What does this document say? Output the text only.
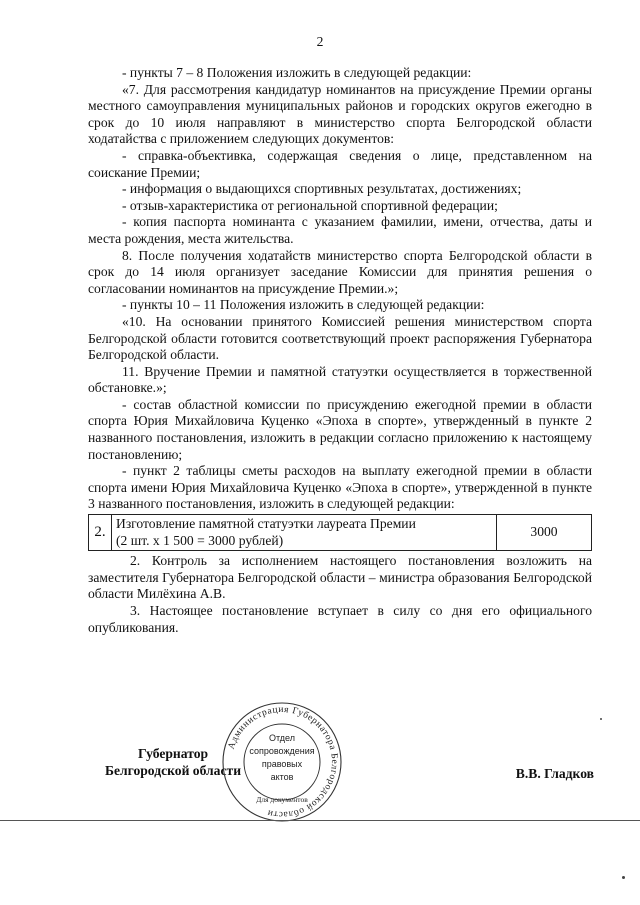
2

- пункты 7 – 8 Положения изложить в следующей редакции:

«7. Для рассмотрения кандидатур номинантов на присуждение Премии органы местного самоуправления муниципальных районов и городских округов ежегодно в срок до 10 июля направляют в министерство спорта Белгородской области ходатайства с приложением следующих документов:

- справка-объективка, содержащая сведения о лице, представленном на соискание Премии;

- информация о выдающихся спортивных результатах, достижениях;

- отзыв-характеристика от региональной спортивной федерации;

- копия паспорта номинанта с указанием фамилии, имени, отчества, даты и места рождения, места жительства.

8. После получения ходатайств министерство спорта Белгородской области в срок до 14 июля организует заседание Комиссии для принятия решения о согласовании номинантов на присуждение Премии.»;

- пункты 10 – 11 Положения изложить в следующей редакции:

«10. На основании принятого Комиссией решения министерством спорта Белгородской области готовится соответствующий проект распоряжения Губернатора Белгородской области.

11. Вручение Премии и памятной статуэтки осуществляется в торжественной обстановке.»;

- состав областной комиссии по присуждению ежегодной премии в области спорта Юрия Михайловича Куценко «Эпоха в спорте», утвержденный в пункте 2 названного постановления, изложить в редакции согласно приложению к настоящему постановлению;

- пункт 2 таблицы сметы расходов на выплату ежегодной премии в области спорта имени Юрия Михайловича Куценко «Эпоха в спорте», утвержденной в пункте 3 названного постановления, изложить в следующей редакции:

2.	
Изготовление памятной статуэтки лауреата Премии
(2 шт. х 1 500 = 3000 рублей)
	3000

2. Контроль за исполнением настоящего постановления возложить на заместителя Губернатора Белгородской области – министра образования Белгородской области Милёхина А.В.

3. Настоящее постановление вступает в силу со дня его официального опубликования.

Губернатор
Белгородской области
Администрация Губернатора Белгородской области
Для документов
Отдел
сопровождения
правовых
актов	В.В. Гладков
